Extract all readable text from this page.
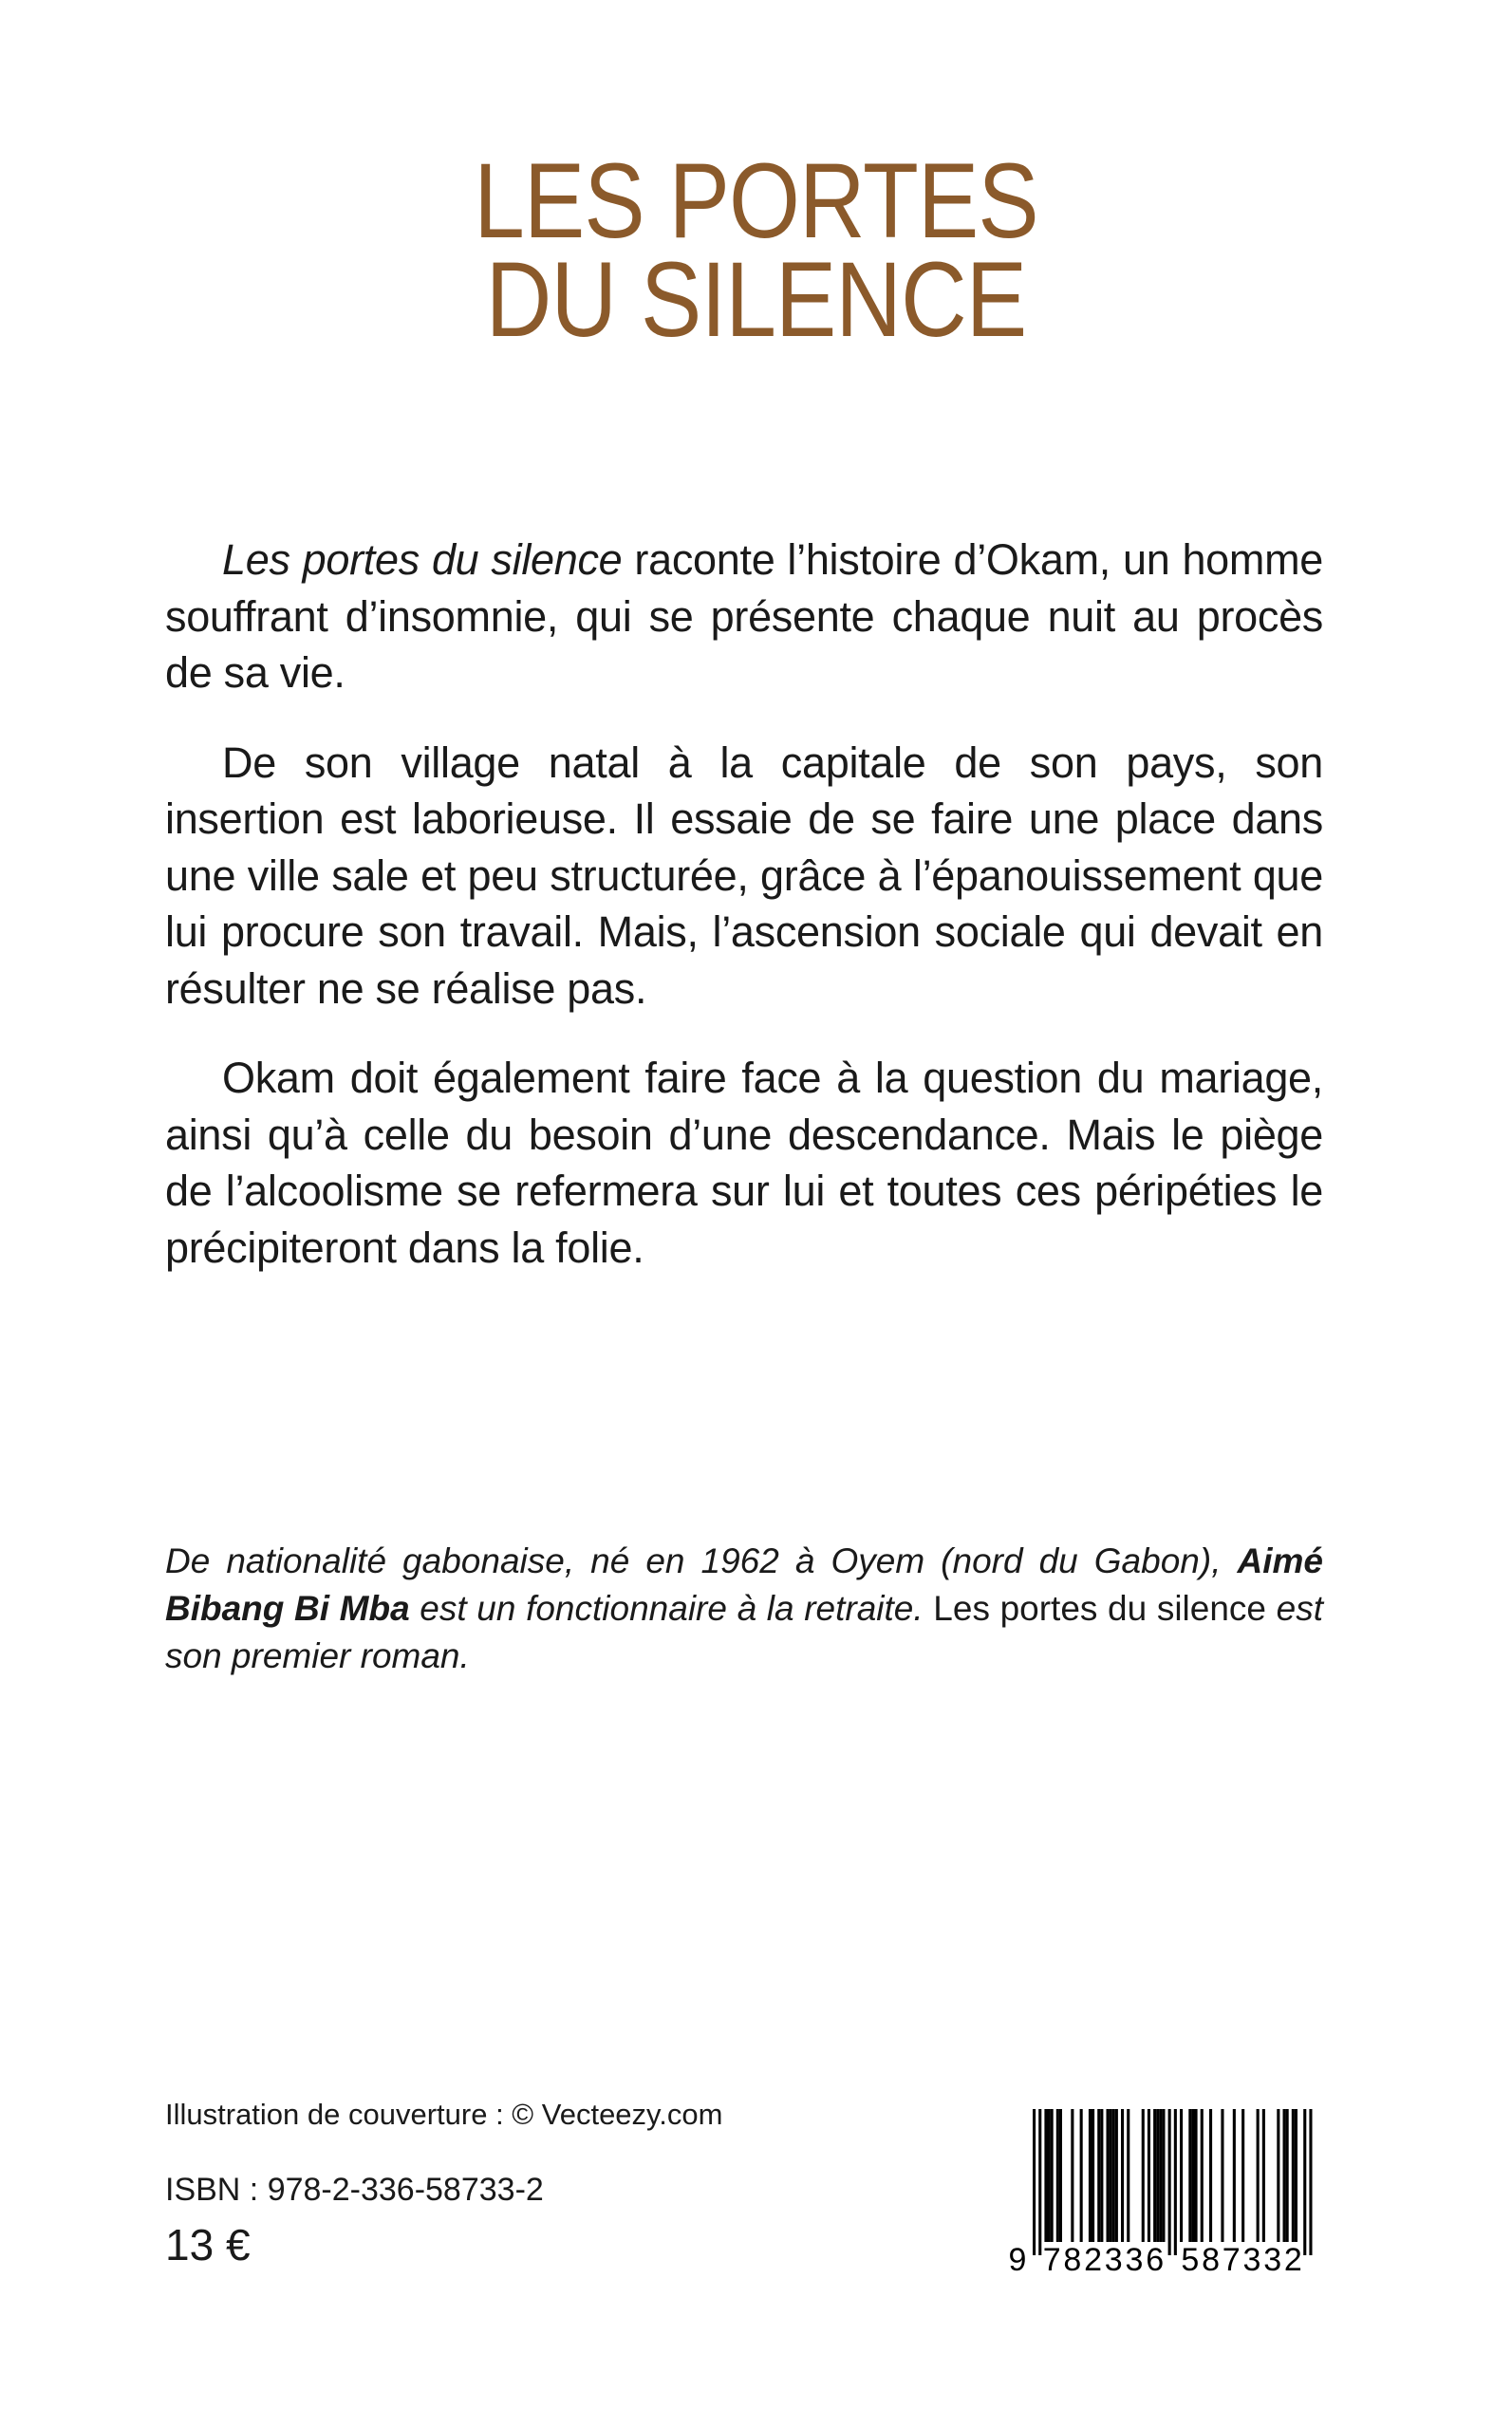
LES PORTES
DU SILENCE

Les portes du silence raconte l’histoire d’Okam, un homme souffrant d’insomnie, qui se présente chaque nuit au procès de sa vie.

De son village natal à la capitale de son pays, son insertion est laborieuse. Il essaie de se faire une place dans une ville sale et peu structurée, grâce à l’épanouissement que lui procure son travail. Mais, l’ascension sociale qui devait en résulter ne se réalise pas.

Okam doit également faire face à la question du mariage, ainsi qu’à celle du besoin d’une descendance. Mais le piège de l’alcoolisme se refermera sur lui et toutes ces péripéties le précipiteront dans la folie.

De nationalité gabonaise, né en 1962 à Oyem (nord du Gabon), Aimé Bibang Bi Mba est un fonctionnaire à la retraite. Les portes du silence est son premier roman.
Illustration de couverture : © Vecteezy.com
ISBN : 978-2-336-58733-2
13 €	9 7 8 2 3 3 6 5 8 7 3 3 2
